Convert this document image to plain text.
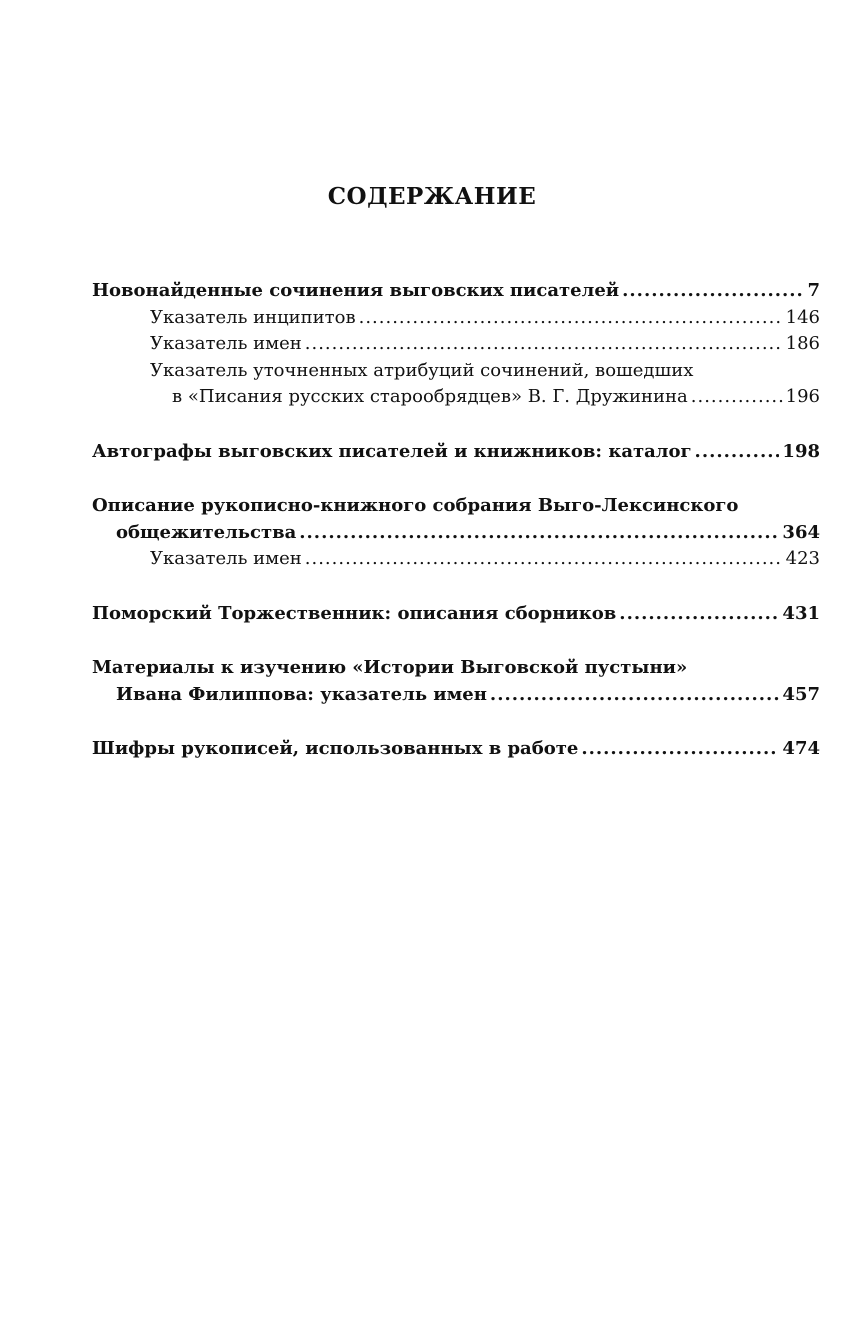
СОДЕРЖАНИЕ
Новонайденные сочинения выговских писателей .....	7
Указатель инципитов .....	146
Указатель имен .....	186
Указатель уточненных атрибуций сочинений, вошедших
в «Писания русских старообрядцев» В. Г. Дружинина .....	196
Автографы выговских писателей и книжников: каталог .....	198
Описание рукописно-книжного собрания Выго-Лексинского
общежительства .....	364
Указатель имен .....	423
Поморский Торжественник: описания сборников .....	431
Материалы к изучению «Истории Выговской пустыни»
Ивана Филиппова: указатель имен .....	457
Шифры рукописей, использованных в работе .....	474
